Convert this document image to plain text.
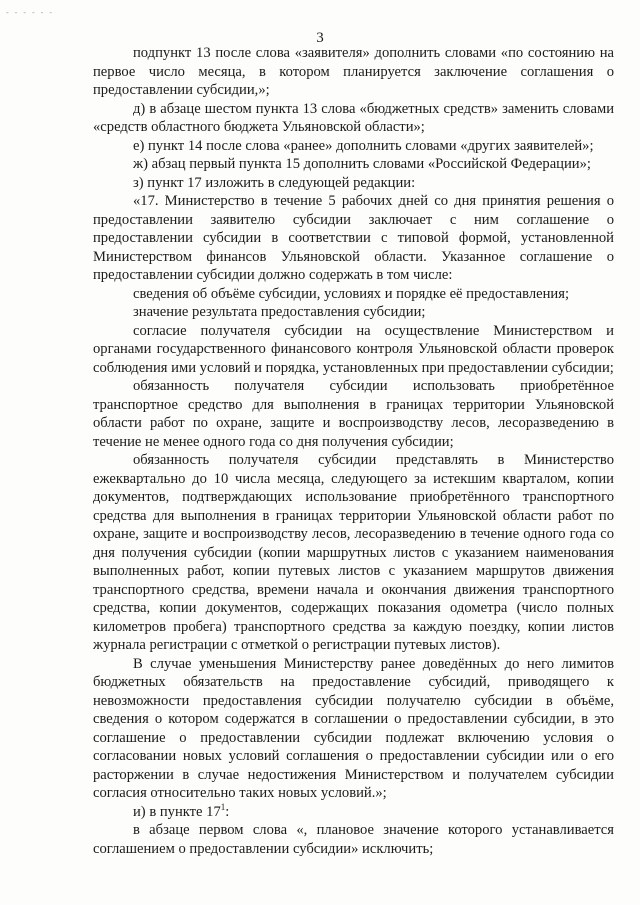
- - - - - -
3

подпункт 13 после слова «заявителя» дополнить словами «по состоянию на первое число месяца, в котором планируется заключение соглашения о предоставлении субсидии,»;

д) в абзаце шестом пункта 13 слова «бюджетных средств» заменить словами «средств областного бюджета Ульяновской области»;

е) пункт 14 после слова «ранее» дополнить словами «других заявителей»;

ж) абзац первый пункта 15 дополнить словами «Российской Федерации»;

з) пункт 17 изложить в следующей редакции:

«17. Министерство в течение 5 рабочих дней со дня принятия решения о предоставлении заявителю субсидии заключает с ним соглашение о предоставлении субсидии в соответствии с типовой формой, установленной Министерством финансов Ульяновской области. Указанное соглашение о предоставлении субсидии должно содержать в том числе:

сведения об объёме субсидии, условиях и порядке её предоставления;

значение результата предоставления субсидии;

согласие получателя субсидии на осуществление Министерством и органами государственного финансового контроля Ульяновской области проверок соблюдения ими условий и порядка, установленных при предоставлении субсидии;

обязанность получателя субсидии использовать приобретённое транспортное средство для выполнения в границах территории Ульяновской области работ по охране, защите и воспроизводству лесов, лесоразведению в течение не менее одного года со дня получения субсидии;

обязанность получателя субсидии представлять в Министерство ежеквартально до 10 числа месяца, следующего за истекшим кварталом, копии документов, подтверждающих использование приобретённого транспортного средства для выполнения в границах территории Ульяновской области работ по охране, защите и воспроизводству лесов, лесоразведению в течение одного года со дня получения субсидии (копии маршрутных листов с указанием наименования выполненных работ, копии путевых листов с указанием маршрутов движения транспортного средства, времени начала и окончания движения транспортного средства, копии документов, содержащих показания одометра (число полных километров пробега) транспортного средства за каждую поездку, копии листов журнала регистрации с отметкой о регистрации путевых листов).

В случае уменьшения Министерству ранее доведённых до него лимитов бюджетных обязательств на предоставление субсидий, приводящего к невозможности предоставления субсидии получателю субсидии в объёме, сведения о котором содержатся в соглашении о предоставлении субсидии, в это соглашение о предоставлении субсидии подлежат включению условия о согласовании новых условий соглашения о предоставлении субсидии или о его расторжении в случае недостижения Министерством и получателем субсидии согласия относительно таких новых условий.»;

и) в пункте $17^1$:

в абзаце первом слова «, плановое значение которого устанавливается соглашением о предоставлении субсидии» исключить;
